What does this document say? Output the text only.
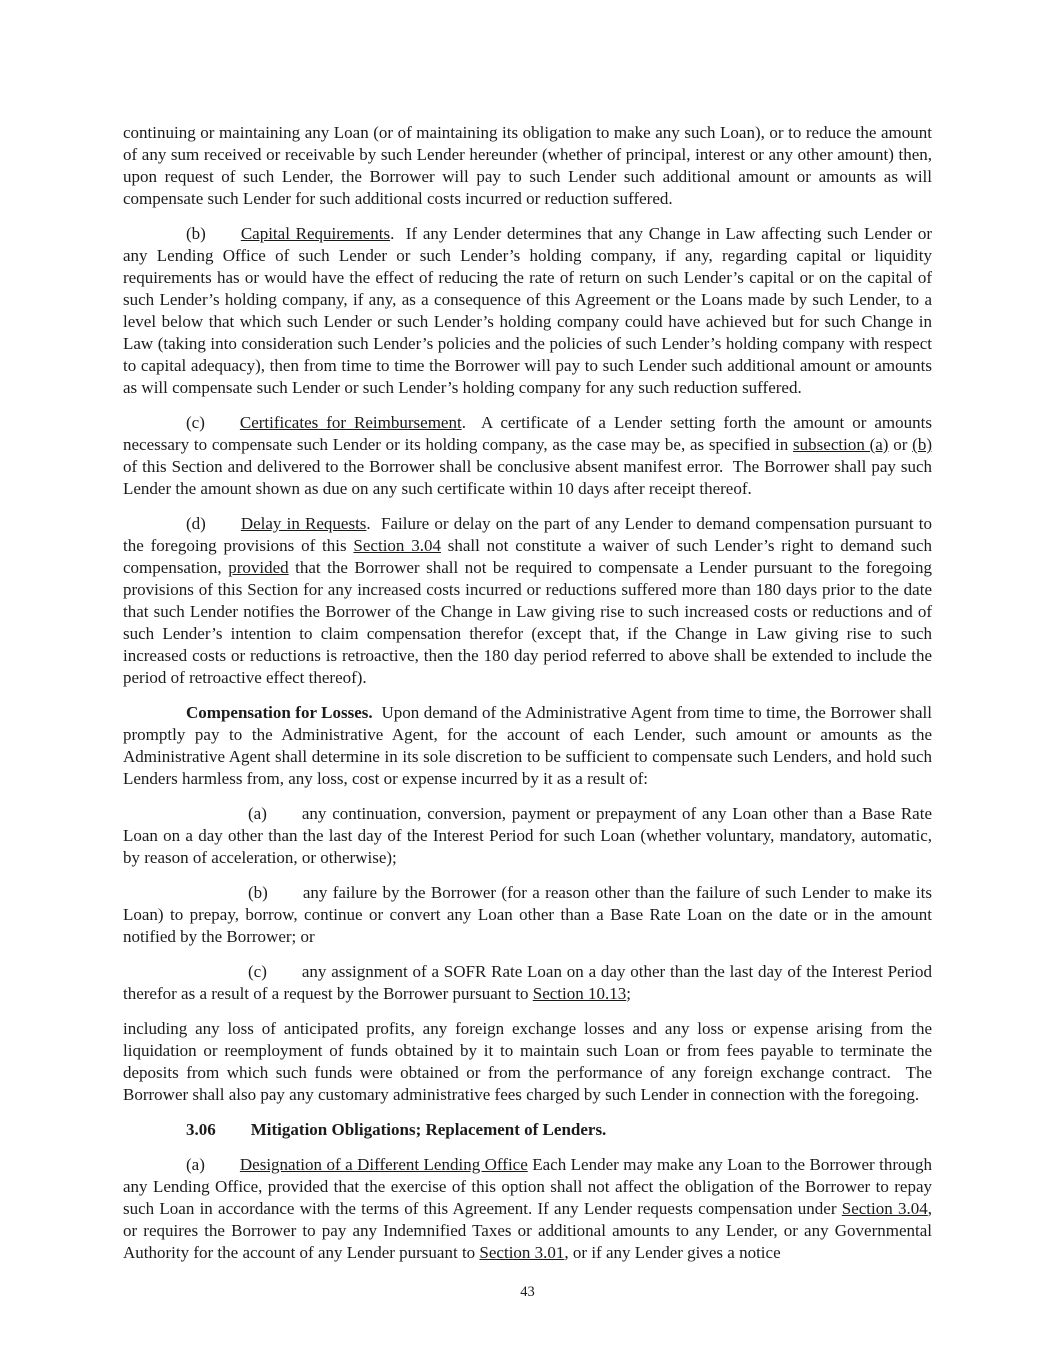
continuing or maintaining any Loan (or of maintaining its obligation to make any such Loan), or to reduce the amount of any sum received or receivable by such Lender hereunder (whether of principal, interest or any other amount) then, upon request of such Lender, the Borrower will pay to such Lender such additional amount or amounts as will compensate such Lender for such additional costs incurred or reduction suffered.

(b) Capital Requirements.  If any Lender determines that any Change in Law affecting such Lender or any Lending Office of such Lender or such Lender’s holding company, if any, regarding capital or liquidity requirements has or would have the effect of reducing the rate of return on such Lender’s capital or on the capital of such Lender’s holding company, if any, as a consequence of this Agreement or the Loans made by such Lender, to a level below that which such Lender or such Lender’s holding company could have achieved but for such Change in Law (taking into consideration such Lender’s policies and the policies of such Lender’s holding company with respect to capital adequacy), then from time to time the Borrower will pay to such Lender such additional amount or amounts as will compensate such Lender or such Lender’s holding company for any such reduction suffered.

(c) Certificates for Reimbursement.  A certificate of a Lender setting forth the amount or amounts necessary to compensate such Lender or its holding company, as the case may be, as specified in subsection (a) or (b) of this Section and delivered to the Borrower shall be conclusive absent manifest error.  The Borrower shall pay such Lender the amount shown as due on any such certificate within 10 days after receipt thereof.

(d) Delay in Requests.  Failure or delay on the part of any Lender to demand compensation pursuant to the foregoing provisions of this Section 3.04 shall not constitute a waiver of such Lender’s right to demand such compensation, provided that the Borrower shall not be required to compensate a Lender pursuant to the foregoing provisions of this Section for any increased costs incurred or reductions suffered more than 180 days prior to the date that such Lender notifies the Borrower of the Change in Law giving rise to such increased costs or reductions and of such Lender’s intention to claim compensation therefor (except that, if the Change in Law giving rise to such increased costs or reductions is retroactive, then the 180 day period referred to above shall be extended to include the period of retroactive effect thereof).

Compensation for Losses.  Upon demand of the Administrative Agent from time to time, the Borrower shall promptly pay to the Administrative Agent, for the account of each Lender, such amount or amounts as the Administrative Agent shall determine in its sole discretion to be sufficient to compensate such Lenders, and hold such Lenders harmless from, any loss, cost or expense incurred by it as a result of:

(a) any continuation, conversion, payment or prepayment of any Loan other than a Base Rate Loan on a day other than the last day of the Interest Period for such Loan (whether voluntary, mandatory, automatic, by reason of acceleration, or otherwise);

(b) any failure by the Borrower (for a reason other than the failure of such Lender to make its Loan) to prepay, borrow, continue or convert any Loan other than a Base Rate Loan on the date or in the amount notified by the Borrower; or

(c) any assignment of a SOFR Rate Loan on a day other than the last day of the Interest Period therefor as a result of a request by the Borrower pursuant to Section 10.13;

including any loss of anticipated profits, any foreign exchange losses and any loss or expense arising from the liquidation or reemployment of funds obtained by it to maintain such Loan or from fees payable to terminate the deposits from which such funds were obtained or from the performance of any foreign exchange contract.  The Borrower shall also pay any customary administrative fees charged by such Lender in connection with the foregoing.

3.06 Mitigation Obligations; Replacement of Lenders.

(a) Designation of a Different Lending Office Each Lender may make any Loan to the Borrower through any Lending Office, provided that the exercise of this option shall not affect the obligation of the Borrower to repay such Loan in accordance with the terms of this Agreement. If any Lender requests compensation under Section 3.04, or requires the Borrower to pay any Indemnified Taxes or additional amounts to any Lender, or any Governmental Authority for the account of any Lender pursuant to Section 3.01, or if any Lender gives a notice

43
